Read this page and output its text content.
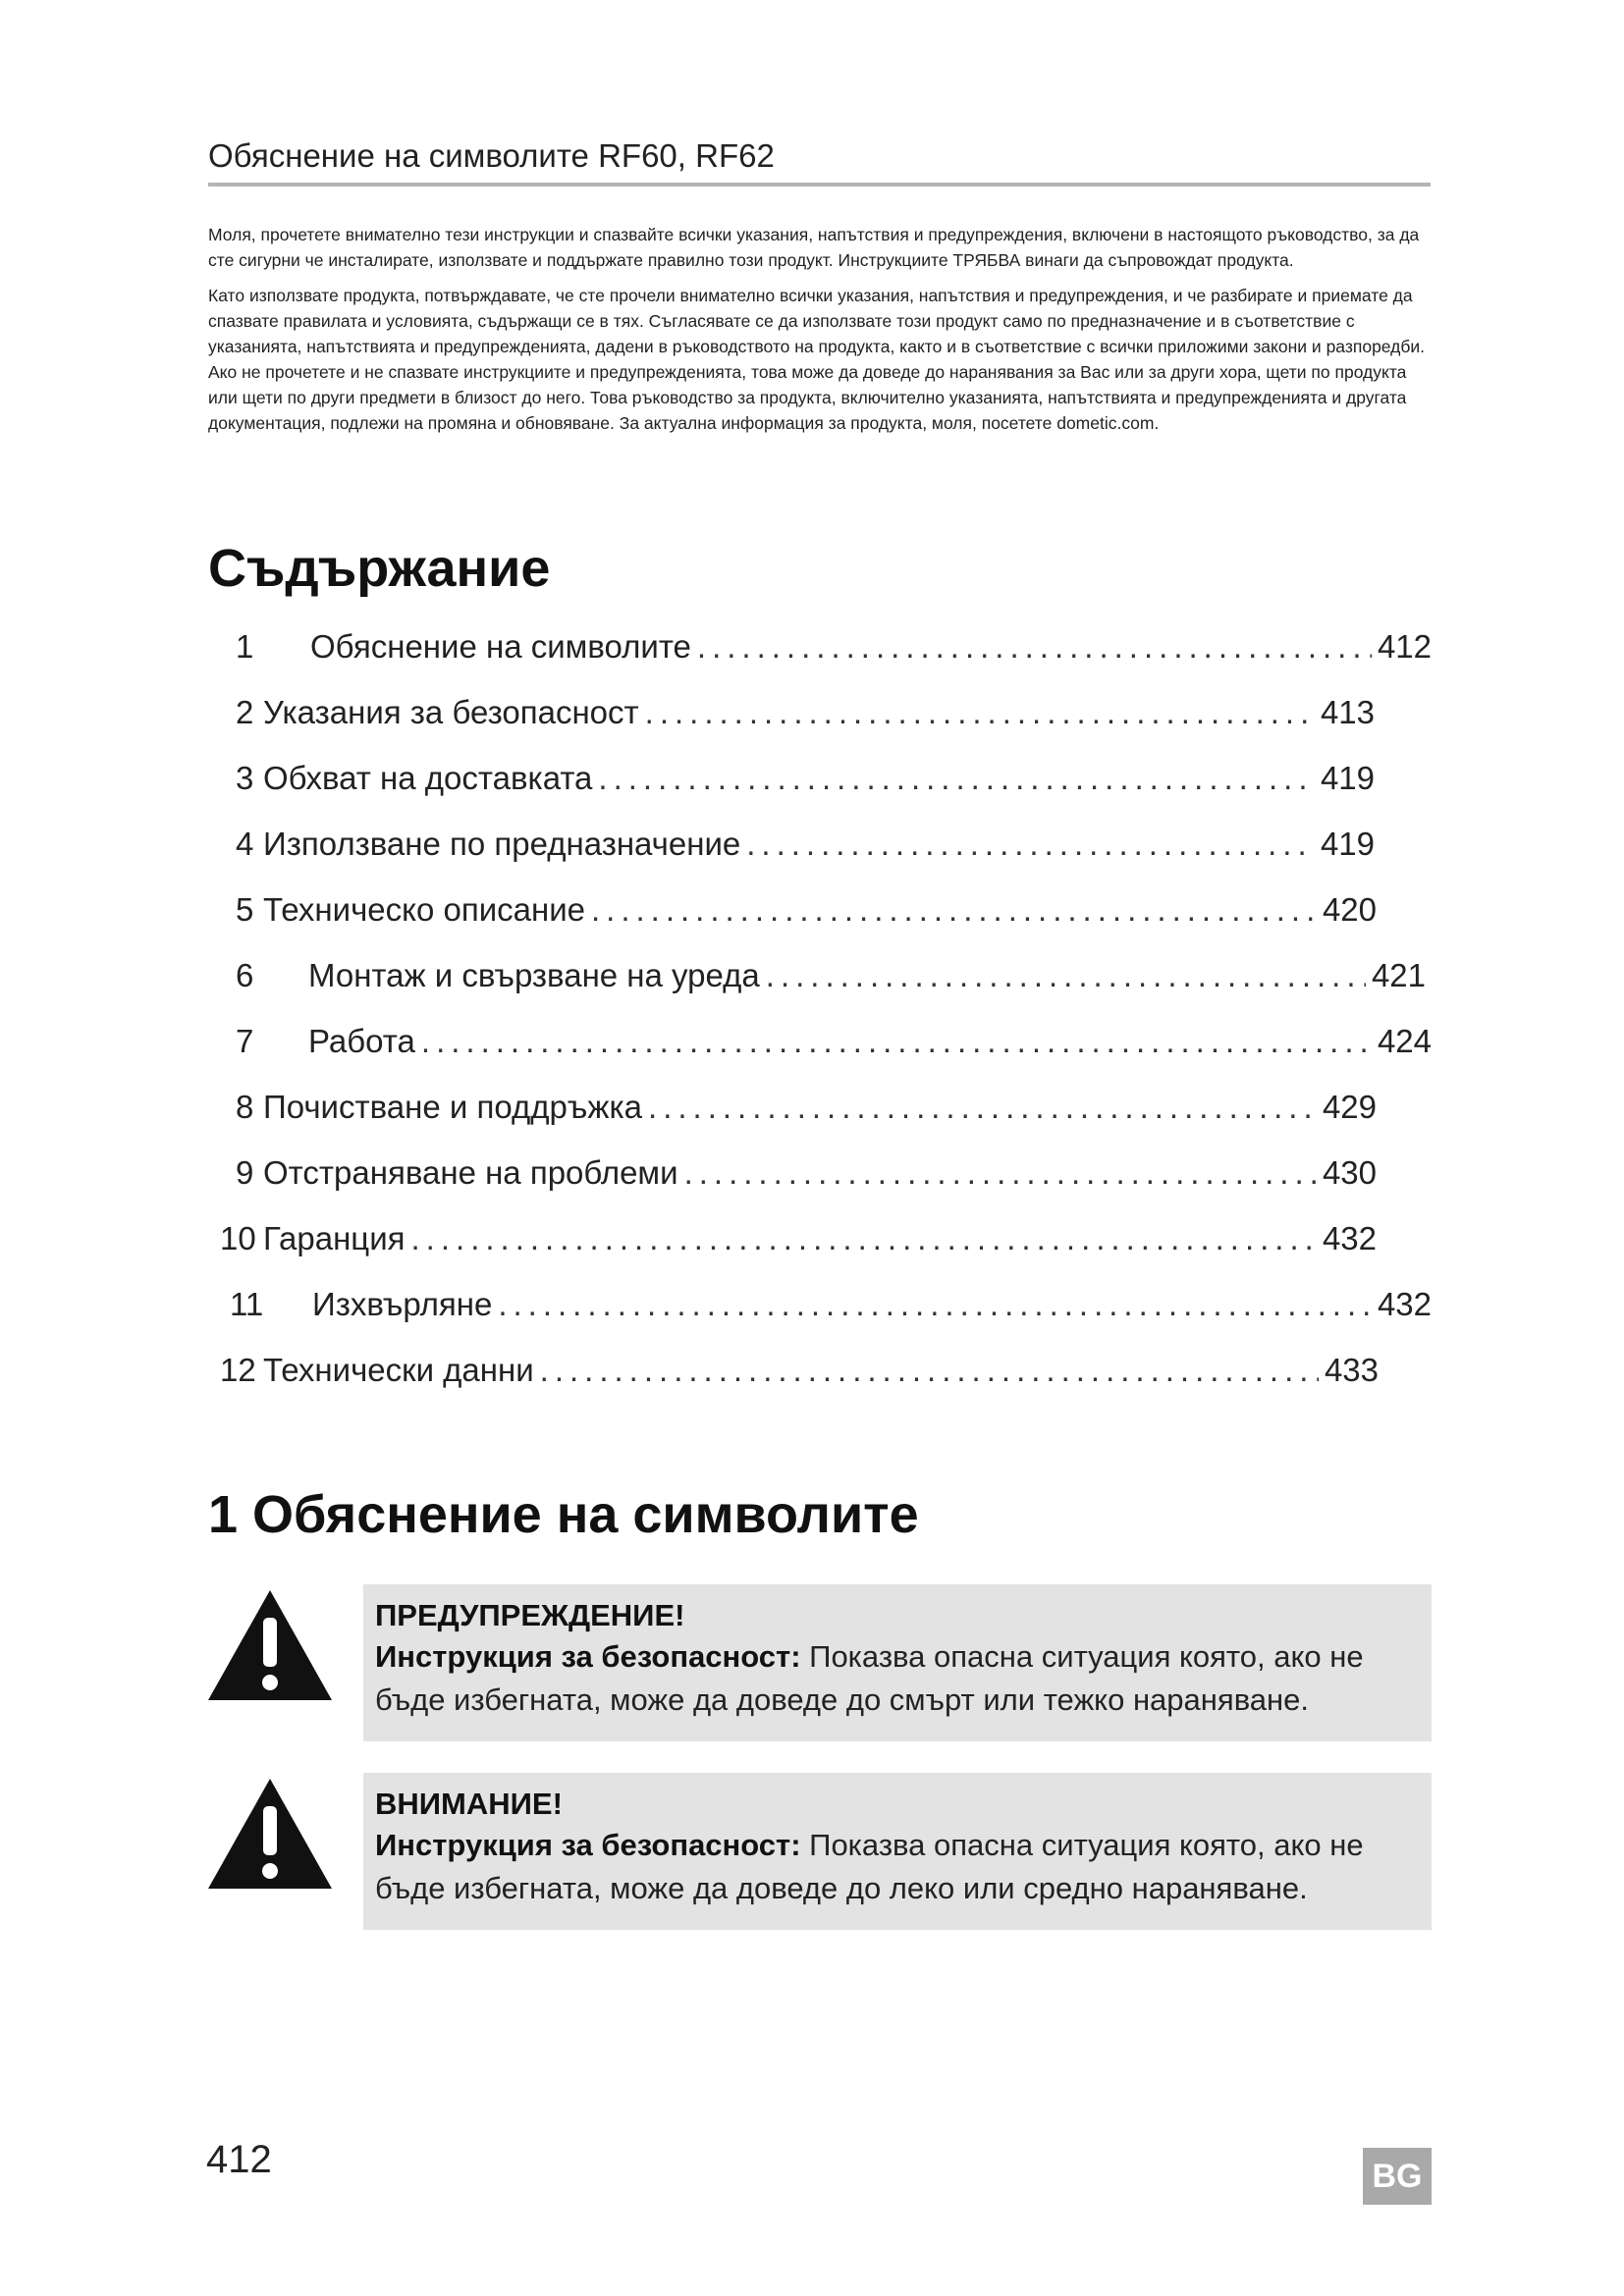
Обяснение на символите RF60, RF62

Моля, прочетете внимателно тези инструкции и спазвайте всички указания, напътствия и предупреждения, включени в настоящото ръководство, за да сте сигурни че инсталирате, използвате и поддържате правилно този продукт. Инструкциите ТРЯБВА винаги да съпровождат продукта.

Като използвате продукта, потвърждавате, че сте прочели внимателно всички указания, напътствия и предупреждения, и че разбирате и приемате да спазвате правилата и условията, съдържащи се в тях. Съгласявате се да използвате този продукт само по предназначение и в съответствие с указанията, напътствията и предупрежденията, дадени в ръководството на продукта, както и в съответствие с всички приложими закони и разпоредби. Ако не прочетете и не спазвате инструкциите и предупрежденията, това може да доведе до наранявания за Вас или за други хора, щети по продукта или щети по други предмети в близост до него. Това ръководство за продукта, включително указанията, напътствията и предупрежденията и другата документация, подлежи на промяна и обновяване. За актуална информация за продукта, моля, посетете dometic.com.

Съдържание
1	Обяснение на символите .....	412
2 Указания за безопасност .....	413
3 Обхват на доставката .....	419
4 Използване по предназначение .....	419
5 Техническо описание .....	420
6	Монтаж и свързване на уреда .....	421
7	Работа .....	424
8 Почистване и поддръжка .....	429
9 Отстраняване на проблеми .....	430
10 Гаранция .....	432
11	Изхвърляне .....	432
12 Технически данни .....	433
1 Обяснение на символите
ПРЕДУПРЕЖДЕНИЕ!
Инструкция за безопасност: Показва опасна ситуация която, ако не бъде избегната, може да доведе до смърт или тежко нараняване.
ВНИМАНИЕ!
Инструкция за безопасност: Показва опасна ситуация която, ако не бъде избегната, може да доведе до леко или средно нараняване.
412	BG
